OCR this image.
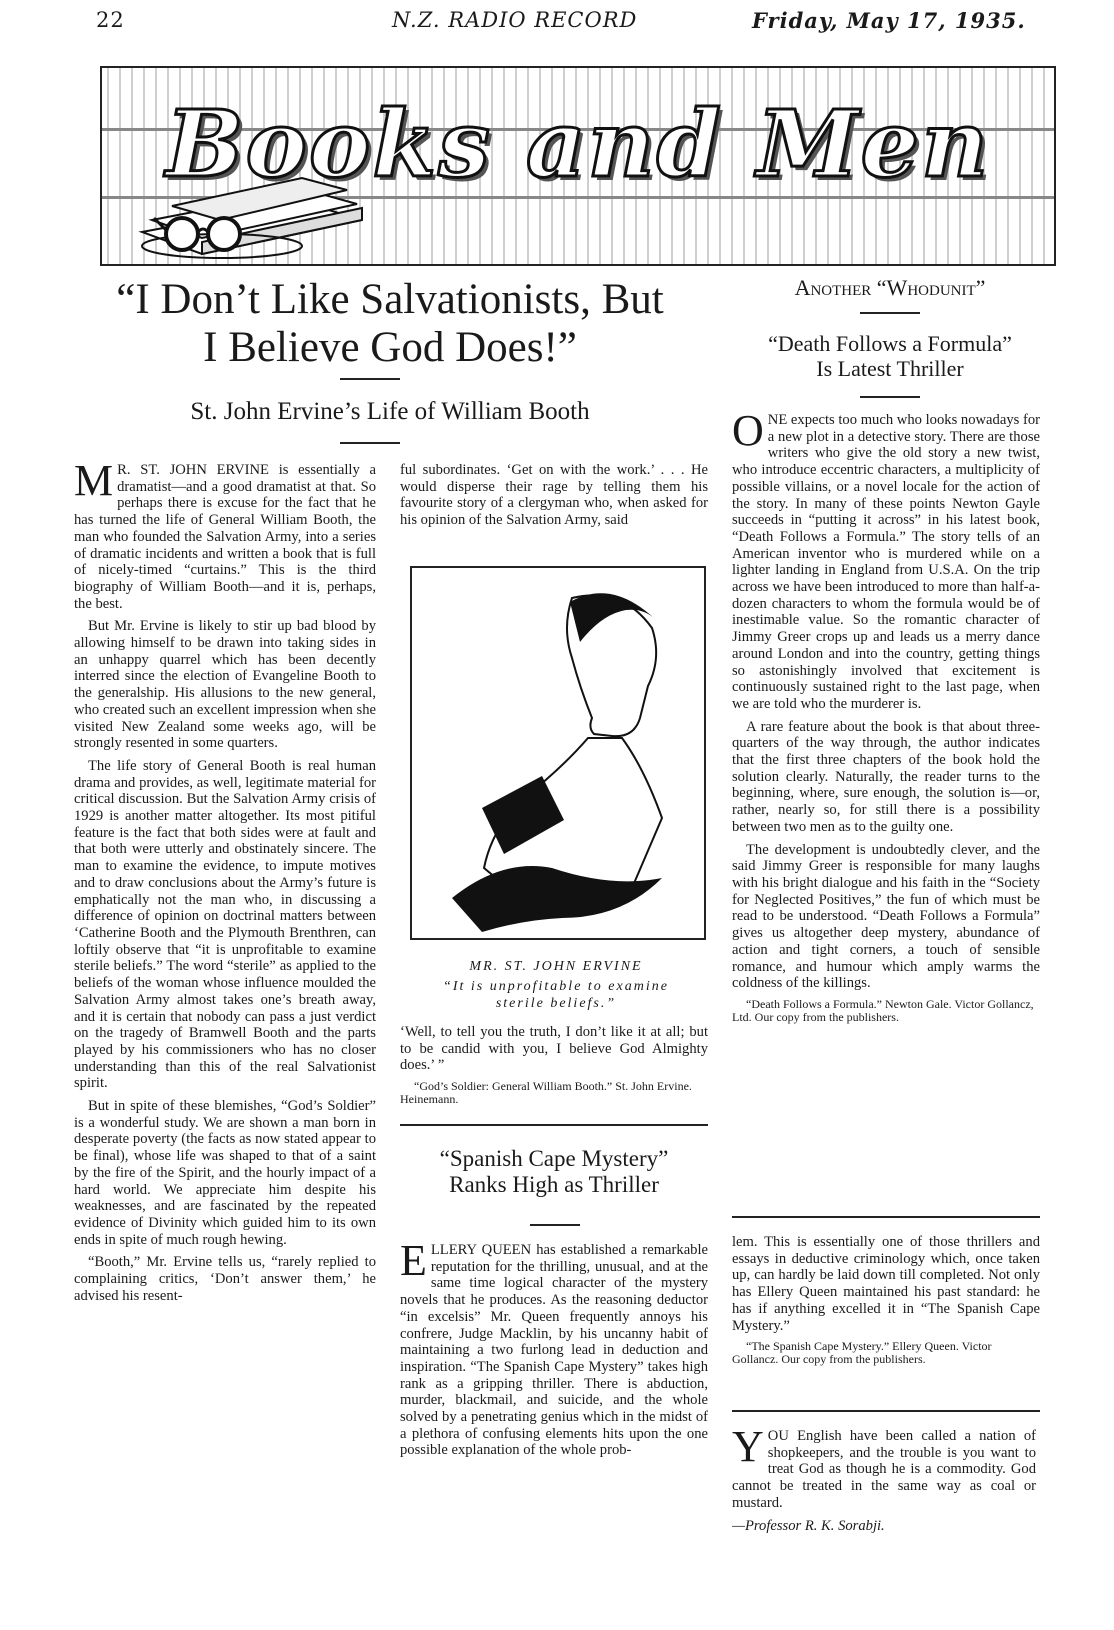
22	N.Z. RADIO RECORD	Friday, May 17, 1935.
Books and Men
“I Don’t Like Salvationists, But
I Believe God Does!”
St. John Ervine’s Life of William Booth

M R. ST. JOHN ERVINE is essentially a dramatist—and a good dramatist at that. So perhaps there is excuse for the fact that he has turned the life of General William Booth, the man who founded the Salvation Army, into a series of dramatic incidents and written a book that is full of nicely-timed “curtains.” This is the third biography of William Booth—and it is, perhaps, the best.

But Mr. Ervine is likely to stir up bad blood by allowing himself to be drawn into taking sides in an unhappy quarrel which has been decently interred since the election of Evangeline Booth to the generalship. His allusions to the new general, who created such an excellent impression when she visited New Zealand some weeks ago, will be strongly resented in some quarters.

The life story of General Booth is real human drama and provides, as well, legitimate material for critical discussion. But the Salvation Army crisis of 1929 is another matter altogether. Its most pitiful feature is the fact that both sides were at fault and that both were utterly and obstinately sincere. The man to examine the evidence, to impute motives and to draw conclusions about the Army’s future is emphatically not the man who, in discussing a difference of opinion on doctrinal matters between ‘Catherine Booth and the Plymouth Brenthren, can loftily observe that “it is unprofitable to examine sterile beliefs.” The word “sterile” as applied to the beliefs of the woman whose influence moulded the Salvation Army almost takes one’s breath away, and it is certain that nobody can pass a just verdict on the tragedy of Bramwell Booth and the parts played by his commissioners who has no closer understanding than this of the real Salvationist spirit.

But in spite of these blemishes, “God’s Soldier” is a wonderful study. We are shown a man born in desperate poverty (the facts as now stated appear to be final), whose life was shaped to that of a saint by the fire of the Spirit, and the hourly impact of a hard world. We appreciate him despite his weaknesses, and are fascinated by the repeated evidence of Divinity which guided him to its own ends in spite of much rough hewing.

“Booth,” Mr. Ervine tells us, “rarely replied to complaining critics, ‘Don’t answer them,’ he advised his resent-

ful subordinates. ‘Get on with the work.’ . . . He would disperse their rage by telling them his favourite story of a clergyman who, when asked for his opinion of the Salvation Army, said

MR. ST. JOHN ERVINE
“It is unprofitable to examine sterile beliefs.”

‘Well, to tell you the truth, I don’t like it at all; but to be candid with you, I believe God Almighty does.’ ”

“God’s Soldier: General William Booth.” St. John Ervine. Heinemann.
“Spanish Cape Mystery”
Ranks High as Thriller

ELLERY QUEEN has established a remarkable reputation for the thrilling, unusual, and at the same time logical character of the mystery novels that he produces. As the reasoning deductor “in excelsis” Mr. Queen frequently annoys his confrere, Judge Macklin, by his uncanny habit of maintaining a two furlong lead in deduction and inspiration. “The Spanish Cape Mystery” takes high rank as a gripping thriller. There is abduction, murder, blackmail, and suicide, and the whole solved by a penetrating genius which in the midst of a plethora of confusing elements hits upon the one possible explanation of the whole prob-

Another “Whodunit”
“Death Follows a Formula”
Is Latest Thriller

ONE expects too much who looks nowadays for a new plot in a detective story. There are those writers who give the old story a new twist, who introduce eccentric characters, a multiplicity of possible villains, or a novel locale for the action of the story. In many of these points Newton Gayle succeeds in “putting it across” in his latest book, “Death Follows a Formula.” The story tells of an American inventor who is murdered while on a lighter landing in England from U.S.A. On the trip across we have been introduced to more than half-a-dozen characters to whom the formula would be of inestimable value. So the romantic character of Jimmy Greer crops up and leads us a merry dance around London and into the country, getting things so astonishingly involved that excitement is continuously sustained right to the last page, when we are told who the murderer is.

A rare feature about the book is that about three-quarters of the way through, the author indicates that the first three chapters of the book hold the solution clearly. Naturally, the reader turns to the beginning, where, sure enough, the solution is—or, rather, nearly so, for still there is a possibility between two men as to the guilty one.

The development is undoubtedly clever, and the said Jimmy Greer is responsible for many laughs with his bright dialogue and his faith in the “Society for Neglected Positives,” the fun of which must be read to be understood. “Death Follows a Formula” gives us altogether deep mystery, abundance of action and tight corners, a touch of sensible romance, and humour which amply warms the coldness of the killings.

“Death Follows a Formula.” Newton Gale. Victor Gollancz, Ltd. Our copy from the publishers.

lem. This is essentially one of those thrillers and essays in deductive criminology which, once taken up, can hardly be laid down till completed. Not only has Ellery Queen maintained his past standard: he has if anything excelled it in “The Spanish Cape Mystery.”

“The Spanish Cape Mystery.” Ellery Queen. Victor Gollancz. Our copy from the publishers.

YOU English have been called a nation of shopkeepers, and the trouble is you want to treat God as though he is a commodity. God cannot be treated in the same way as coal or mustard.

—Professor R. K. Sorabji.
